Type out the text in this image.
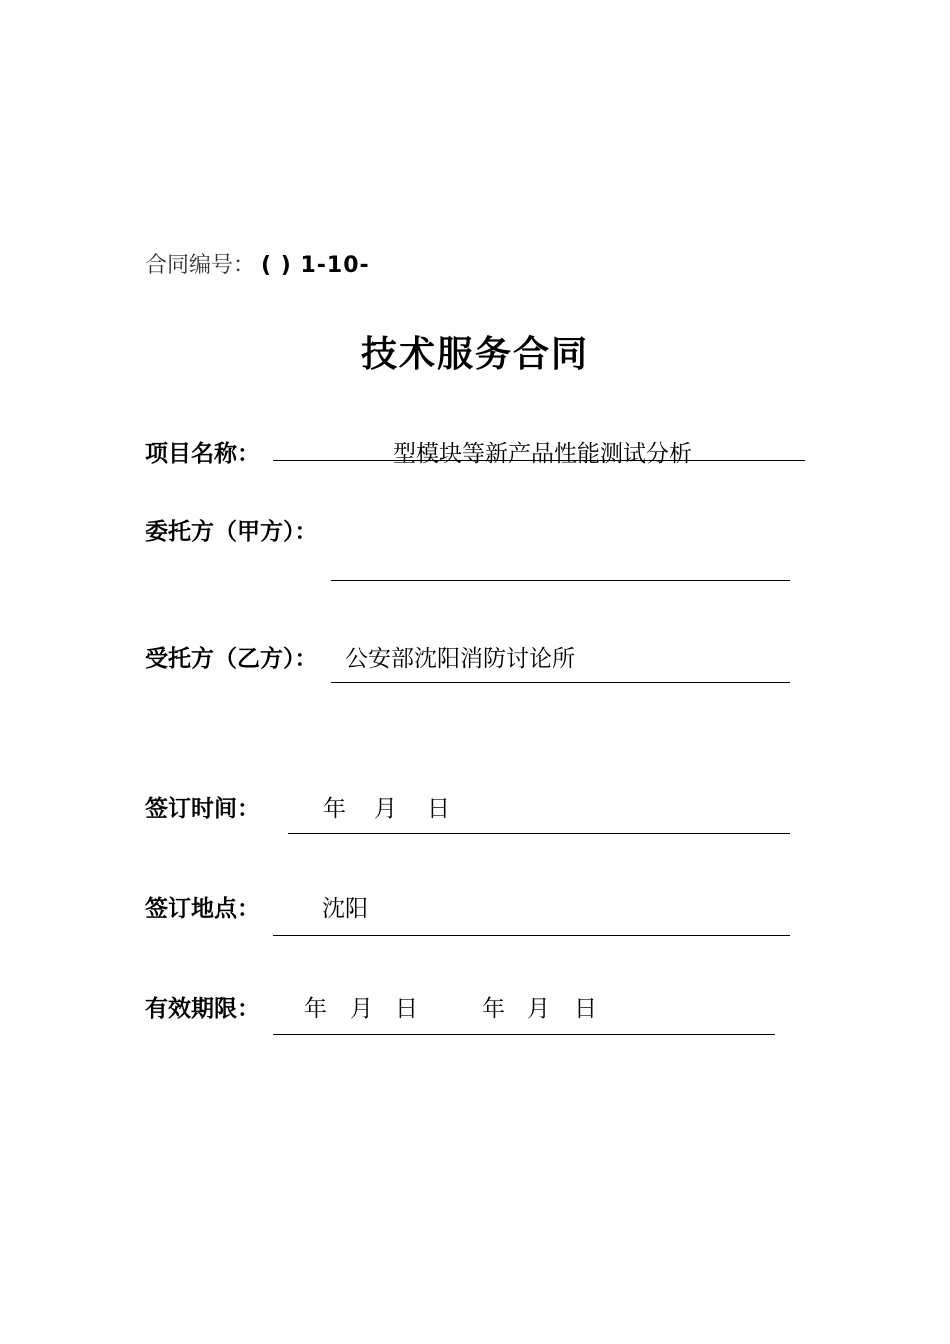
合同编号： ( ) 1-10-
技术服务合同
项目名称：	型模块等新产品性能测试分析
委托方（甲方）：
受托方（乙方）： 公安部沈阳消防讨论所
签订时间：	年 月 日
签订地点：	沈阳
有效期限： 年 月 日	年 月 日
